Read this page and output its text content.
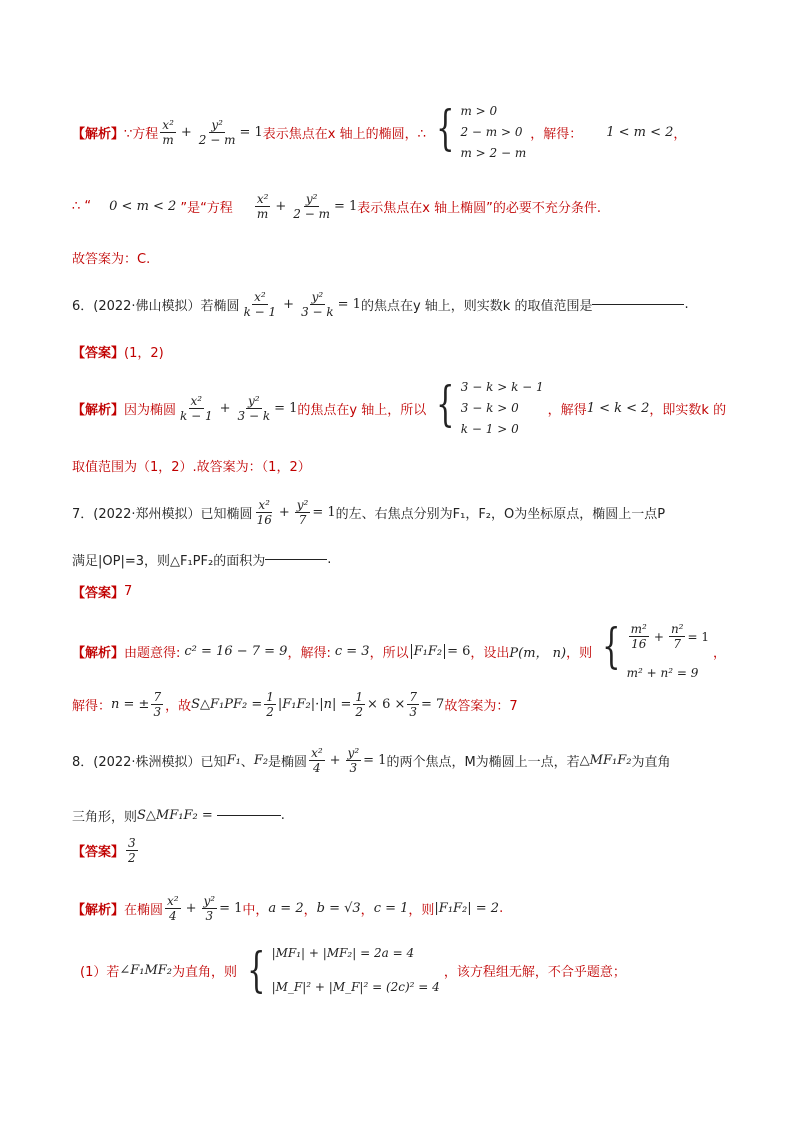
【解析】 ∵方程 $\frac{\text{x²}}{m} + \frac{\text{y²}}{2 - m} = 1$ 表示焦点在x 轴上的椭圆，∴ { m > 0
2 − m > 0
m > 2 − m
，解得： 1 < m < 2 ，
∴ “ 0 < m < 2 ”是“方程 $\frac{\text{x²}}{m} + \frac{\text{y²}}{2 - m} = 1$ 表示焦点在x 轴上椭圆”的必要不充分条件.
故答案为：C.
6．(2022·佛山模拟）若椭圆 $\frac{\text{x²}}{k - 1} + \frac{\text{y²}}{3 - k} = 1$ 的焦点在y 轴上，则实数k 的取值范围是	.
【答案】 (1，2)
【解析】 因为椭圆 $\frac{\text{x²}}{k - 1} + \frac{\text{y²}}{3 - k} = 1$ 的焦点在y 轴上，所以 { 3 − k > k − 1
3 − k > 0
k − 1 > 0
，解得 1 < k < 2 ，即实数k 的
取值范围为（1，2）.故答案为：（1，2）
7．(2022·郑州模拟）已知椭圆 $\frac{\text{x²}}{16} + \frac{\text{y²}}{7} = 1$ 的左、右焦点分别为F₁，F₂，O为坐标原点，椭圆上一点P
满足|OP|=3，则△F₁PF₂的面积为	.
【答案】 7
【解析】 由题意得: c² = 16 − 7 = 9 ，解得: c = 3 ，所以 F₁F₂ = 6 ，设出 P(m， n) ，则 { $\frac{\text{m²}}{16} + \frac{\text{n²}}{7} = 1$
m² + n² = 9
，
解得： n = ± $\frac{7}{3}$ ，故 S△F₁PF₂ = $\frac{1}{2} |F_1F_2|\cdot|n| = \frac{1}{2} \times 6 \times \frac{7}{3} = 7$ 故答案为：7
8．(2022·株洲模拟）已知 F₁ 、 F₂ 是椭圆 $\frac{\text{x²}}{4} + \frac{\text{y²}}{3} = 1$ 的两个焦点，M为椭圆上一点，若 △MF₁F₂ 为直角
三角形，则 S△MF₁F₂ =	.
【答案】 $\frac{3}{2}$
【解析】 在椭圆 $\frac{\text{x²}}{4} + \frac{\text{y²}}{3} = 1$ 中， a = 2 ， b = √3 ， c = 1 ，则 |F₁F₂| = 2 .
(1）若 ∠F₁MF₂ 为直角，则 { |MF₁| + |MF₂| = 2a = 4
|M_F|² + |M_F|² = (2c)² = 4
，该方程组无解，不合乎题意；
